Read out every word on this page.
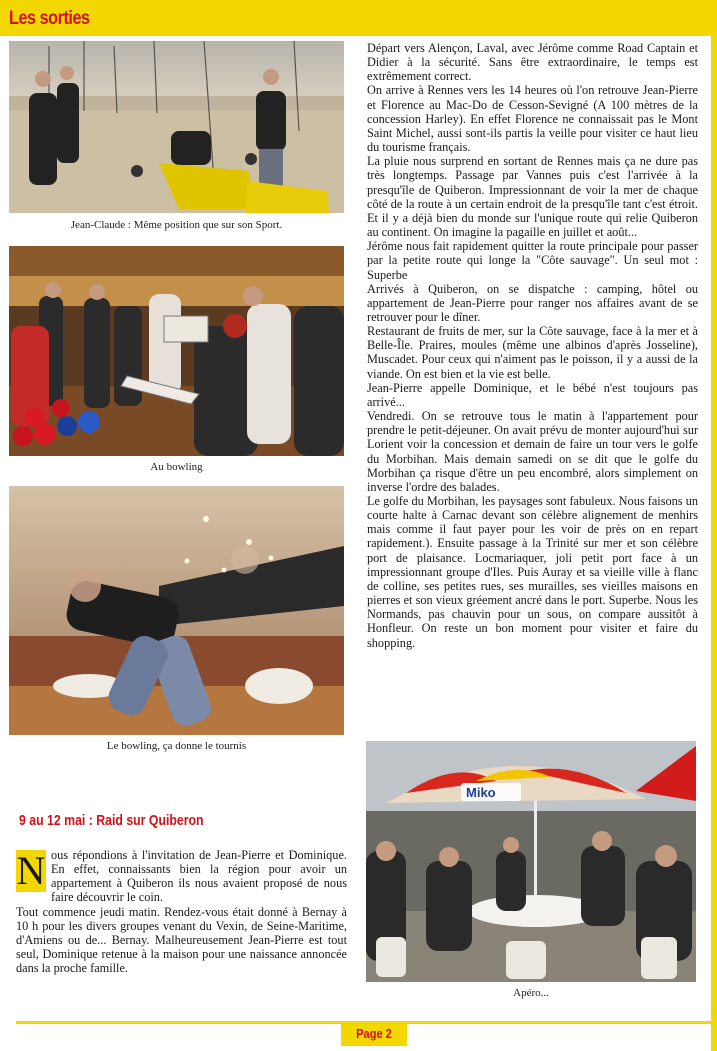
Les sorties
Jean-Claude : Même position que sur son Sport.
Au bowling
Le bowling, ça donne le tournis

Départ vers Alençon, Laval, avec Jérôme comme Road Captain et Didier à la sécurité. Sans être extraordinaire, le temps est extrêmement correct.

On arrive à Rennes vers les 14 heures où l'on retrouve Jean-Pierre et Florence au Mac-Do de Cesson-Sevigné (A 100 mètres de la concession Harley). En effet Florence ne connaissait pas le Mont Saint Michel, aussi sont-ils partis la veille pour visiter ce haut lieu du tourisme français.

La pluie nous surprend en sortant de Rennes mais ça ne dure pas très longtemps. Passage par Vannes puis c'est l'arrivée à la presqu'île de Quiberon. Impressionnant de voir la mer de chaque côté de la route à un certain endroit de la presqu'île tant c'est étroit. Et il y a déjà bien du monde sur l'unique route qui relie Quiberon au continent. On imagine la pagaille en juillet et août...

Jérôme nous fait rapidement quitter la route principale pour passer par la petite route qui longe la "Côte sauvage". Un seul mot : Superbe

Arrivés à Quiberon, on se dispatche : camping, hôtel ou appartement de Jean-Pierre pour ranger nos affaires avant de se retrouver pour le dîner.

Restaurant de fruits de mer, sur la Côte sauvage, face à la mer et à Belle-Île. Praires, moules (même une albinos d'après Josseline), Muscadet. Pour ceux qui n'aiment pas le poisson, il y a aussi de la viande. On est bien et la vie est belle.

Jean-Pierre appelle Dominique, et le bébé n'est toujours pas arrivé...

Vendredi. On se retrouve tous le matin à l'appartement pour prendre le petit-déjeuner. On avait prévu de monter aujourd'hui sur Lorient voir la concession et demain de faire un tour vers le golfe du Morbihan. Mais demain samedi on se dit que le golfe du Morbihan ça risque d'être un peu encombré, alors simplement on inverse l'ordre des balades.

Le golfe du Morbihan, les paysages sont fabuleux. Nous faisons un courte halte à Carnac devant son célèbre alignement de menhirs mais comme il faut payer pour les voir de près on en repart rapidement.). Ensuite passage à la Trinité sur mer et son célèbre port de plaisance. Locmariaquer, joli petit port face à un impressionnant groupe d'Iles. Puis Auray et sa vieille ville à flanc de colline, ses petites rues, ses murailles, ses vieilles maisons en pierres et son vieux gréement ancré dans le port. Superbe. Nous les Normands, pas chauvin pour un sous, on compare aussitôt à Honfleur. On reste un bon moment pour visiter et faire du shopping.

Miko
Apéro...
9 au 12 mai : Raid sur Quiberon

N ous répondions à l'invitation de Jean-Pierre et Dominique. En effet, connaissants bien la région pour avoir un appartement à Quiberon ils nous avaient proposé de nous faire découvrir le coin.

Tout commence jeudi matin. Rendez-vous était donné à Bernay à 10 h pour les divers groupes venant du Vexin, de Seine-Maritime, d'Amiens ou de... Bernay. Malheureusement Jean-Pierre est tout seul, Dominique retenue à la maison pour une naissance annoncée dans la proche famille.

Page 2
